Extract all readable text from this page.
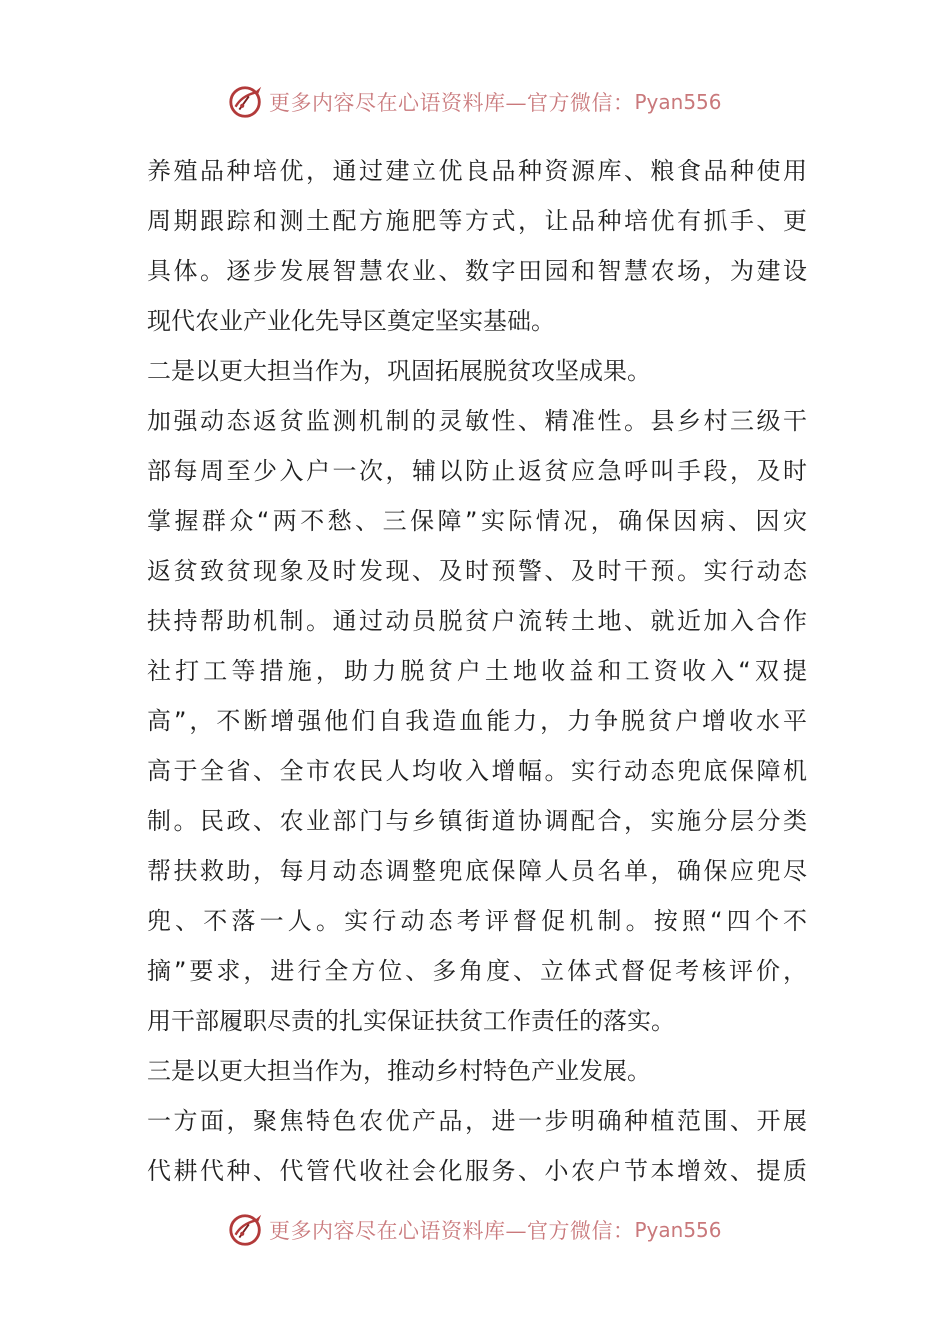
更多内容尽在心语资料库—官方微信： Pyan556
养殖品种培优，通过建立优良品种资源库、粮食品种使用
周期跟踪和测土配方施肥等方式，让品种培优有抓手、更
具体。逐步发展智慧农业、数字田园和智慧农场，为建设
现代农业产业化先导区奠定坚实基础。
二是以更大担当作为，巩固拓展脱贫攻坚成果。
加强动态返贫监测机制的灵敏性、精准性。县乡村三级干
部每周至少入户一次，辅以防止返贫应急呼叫手段，及时
掌握群众“两不愁、三保障”实际情况，确保因病、因灾
返贫致贫现象及时发现、及时预警、及时干预。实行动态
扶持帮助机制。通过动员脱贫户流转土地、就近加入合作
社打工等措施，助力脱贫户土地收益和工资收入“双提
高”，不断增强他们自我造血能力，力争脱贫户增收水平
高于全省、全市农民人均收入增幅。实行动态兜底保障机
制。民政、农业部门与乡镇街道协调配合，实施分层分类
帮扶救助，每月动态调整兜底保障人员名单，确保应兜尽
兜、不落一人。实行动态考评督促机制。按照“四个不
摘”要求，进行全方位、多角度、立体式督促考核评价，
用干部履职尽责的扎实保证扶贫工作责任的落实。
三是以更大担当作为，推动乡村特色产业发展。
一方面，聚焦特色农优产品，进一步明确种植范围、开展
代耕代种、代管代收社会化服务、小农户节本增效、提质
更多内容尽在心语资料库—官方微信： Pyan556
